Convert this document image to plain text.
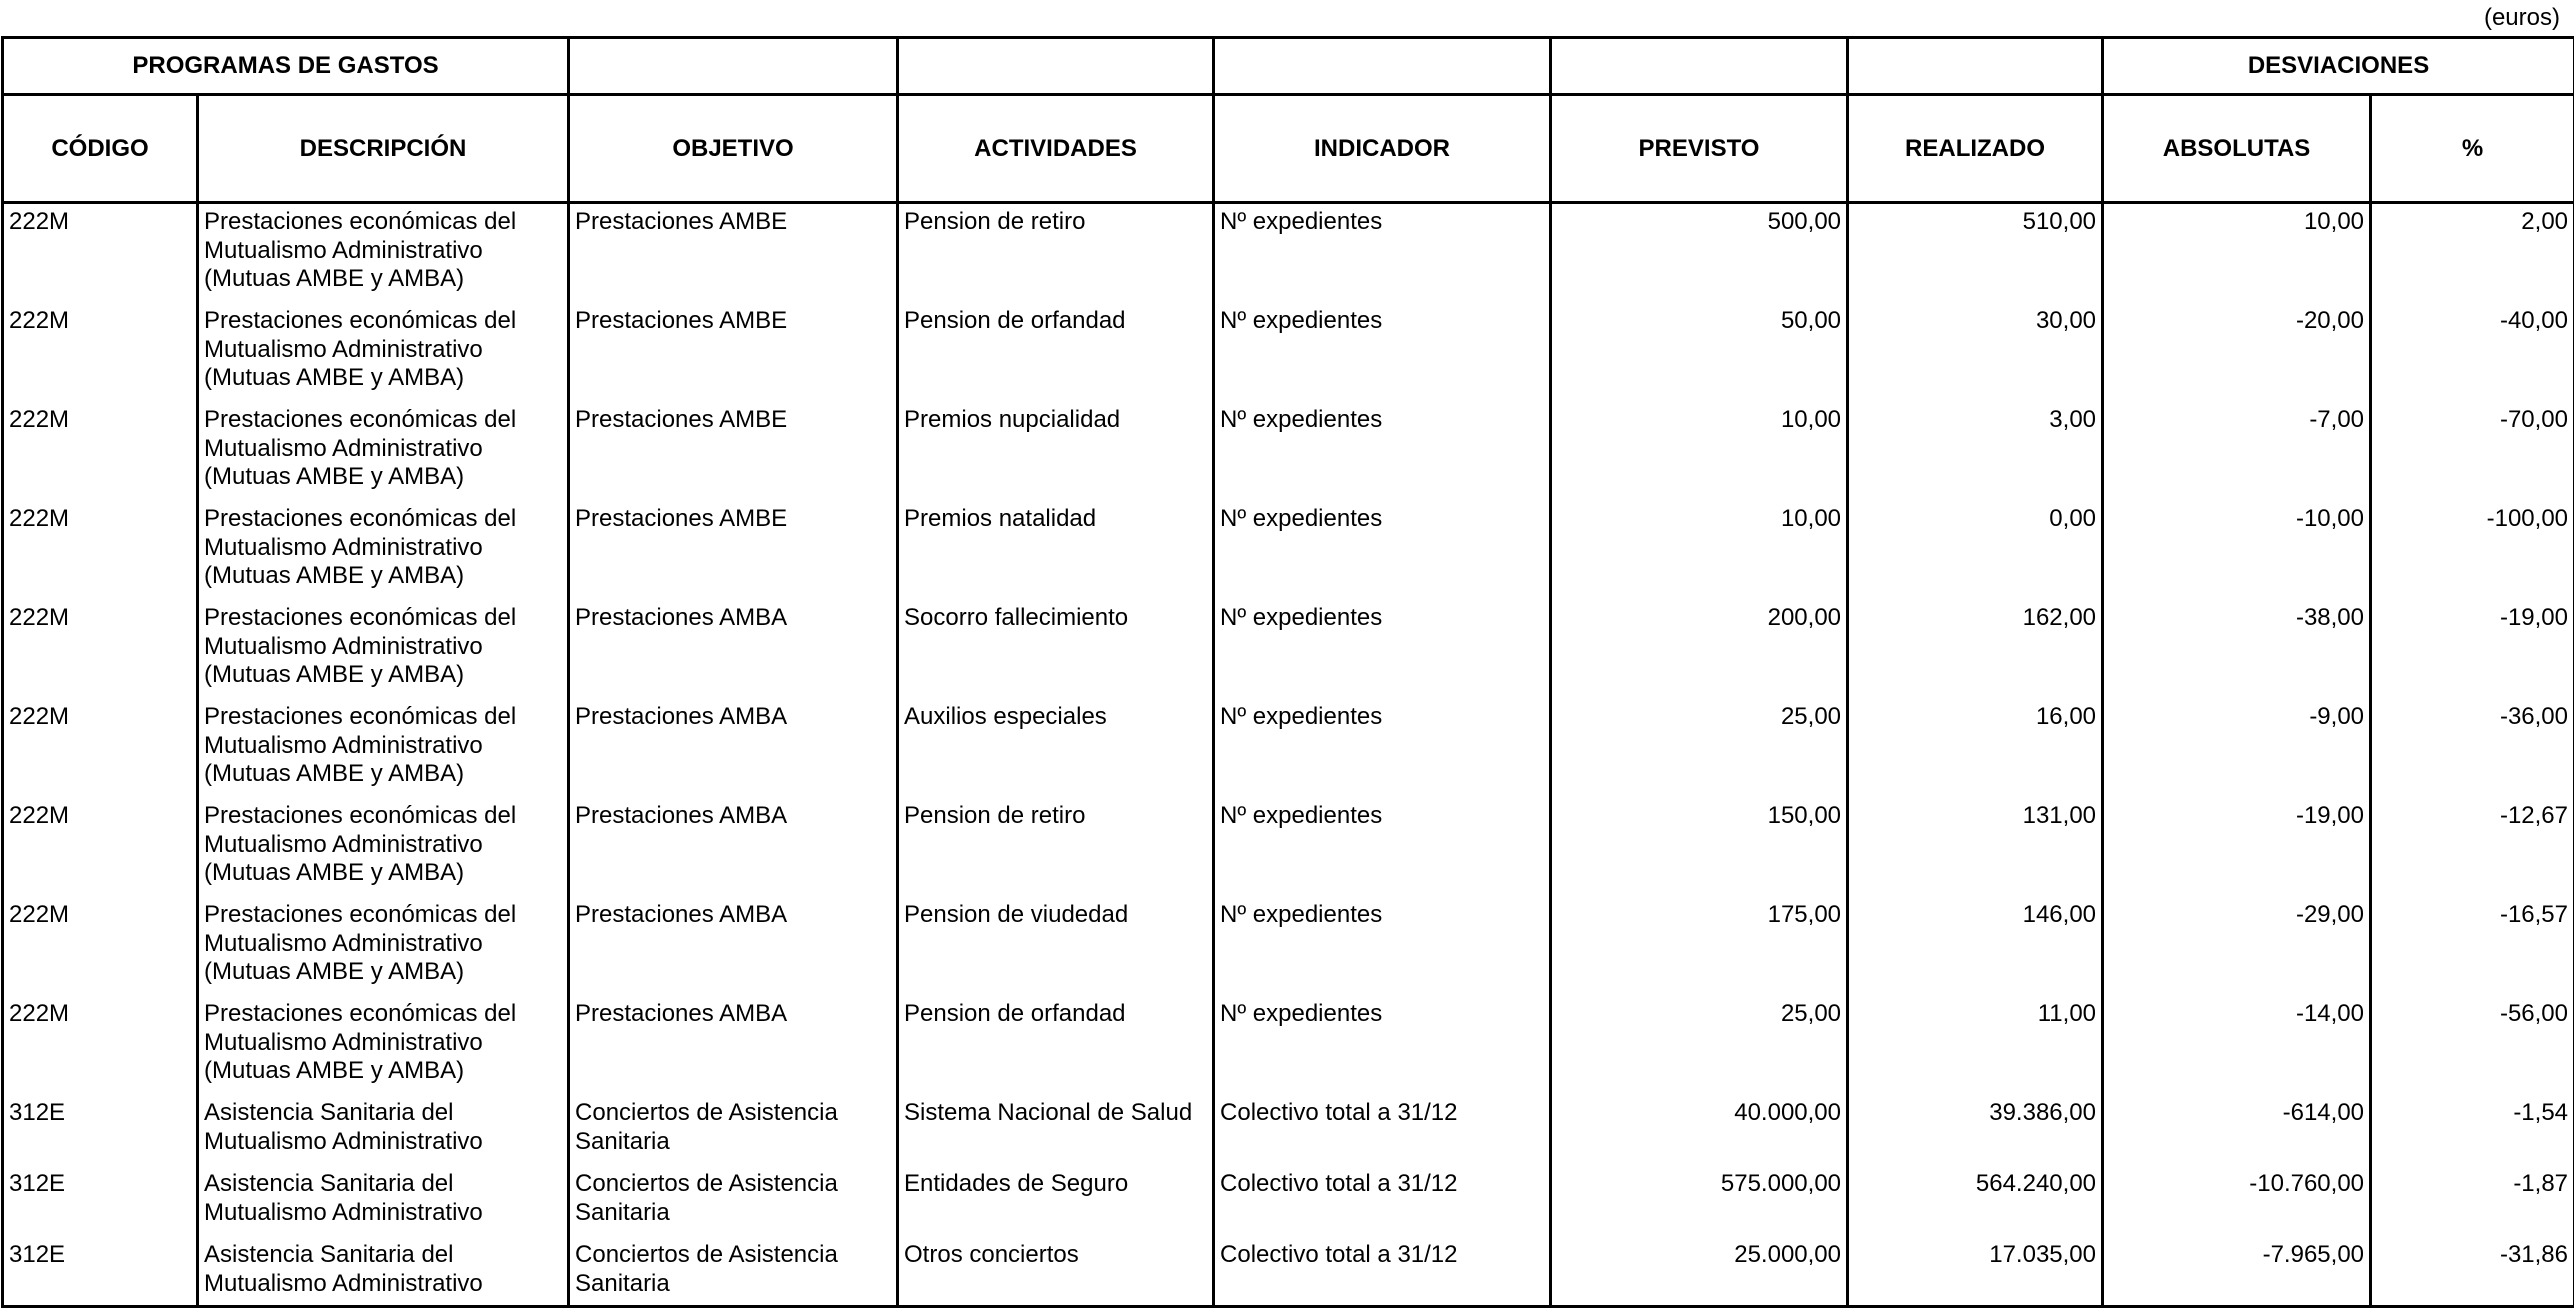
(euros)
PROGRAMAS DE GASTOS							DESVIACIONES	
CÓDIGO	DESCRIPCIÓN	OBJETIVO	ACTIVIDADES	INDICADOR	PREVISTO	REALIZADO	ABSOLUTAS	%
222M	Prestaciones económicas del Mutualismo Administrativo (Mutuas AMBE y AMBA)	Prestaciones AMBE	Pension de retiro	Nº expedientes	500,00	510,00	10,00	2,00
222M	Prestaciones económicas del Mutualismo Administrativo (Mutuas AMBE y AMBA)	Prestaciones AMBE	Pension de orfandad	Nº expedientes	50,00	30,00	-20,00	-40,00
222M	Prestaciones económicas del Mutualismo Administrativo (Mutuas AMBE y AMBA)	Prestaciones AMBE	Premios nupcialidad	Nº expedientes	10,00	3,00	-7,00	-70,00
222M	Prestaciones económicas del Mutualismo Administrativo (Mutuas AMBE y AMBA)	Prestaciones AMBE	Premios natalidad	Nº expedientes	10,00	0,00	-10,00	-100,00
222M	Prestaciones económicas del Mutualismo Administrativo (Mutuas AMBE y AMBA)	Prestaciones AMBA	Socorro fallecimiento	Nº expedientes	200,00	162,00	-38,00	-19,00
222M	Prestaciones económicas del Mutualismo Administrativo (Mutuas AMBE y AMBA)	Prestaciones AMBA	Auxilios especiales	Nº expedientes	25,00	16,00	-9,00	-36,00
222M	Prestaciones económicas del Mutualismo Administrativo (Mutuas AMBE y AMBA)	Prestaciones AMBA	Pension de retiro	Nº expedientes	150,00	131,00	-19,00	-12,67
222M	Prestaciones económicas del Mutualismo Administrativo (Mutuas AMBE y AMBA)	Prestaciones AMBA	Pension de viudedad	Nº expedientes	175,00	146,00	-29,00	-16,57
222M	Prestaciones económicas del Mutualismo Administrativo (Mutuas AMBE y AMBA)	Prestaciones AMBA	Pension de orfandad	Nº expedientes	25,00	11,00	-14,00	-56,00
312E	Asistencia Sanitaria del Mutualismo Administrativo	Conciertos de Asistencia Sanitaria	Sistema Nacional de Salud	Colectivo total a 31/12	40.000,00	39.386,00	-614,00	-1,54
312E	Asistencia Sanitaria del Mutualismo Administrativo	Conciertos de Asistencia Sanitaria	Entidades de Seguro	Colectivo total a 31/12	575.000,00	564.240,00	-10.760,00	-1,87
312E	Asistencia Sanitaria del Mutualismo Administrativo	Conciertos de Asistencia Sanitaria	Otros conciertos	Colectivo total a 31/12	25.000,00	17.035,00	-7.965,00	-31,86
